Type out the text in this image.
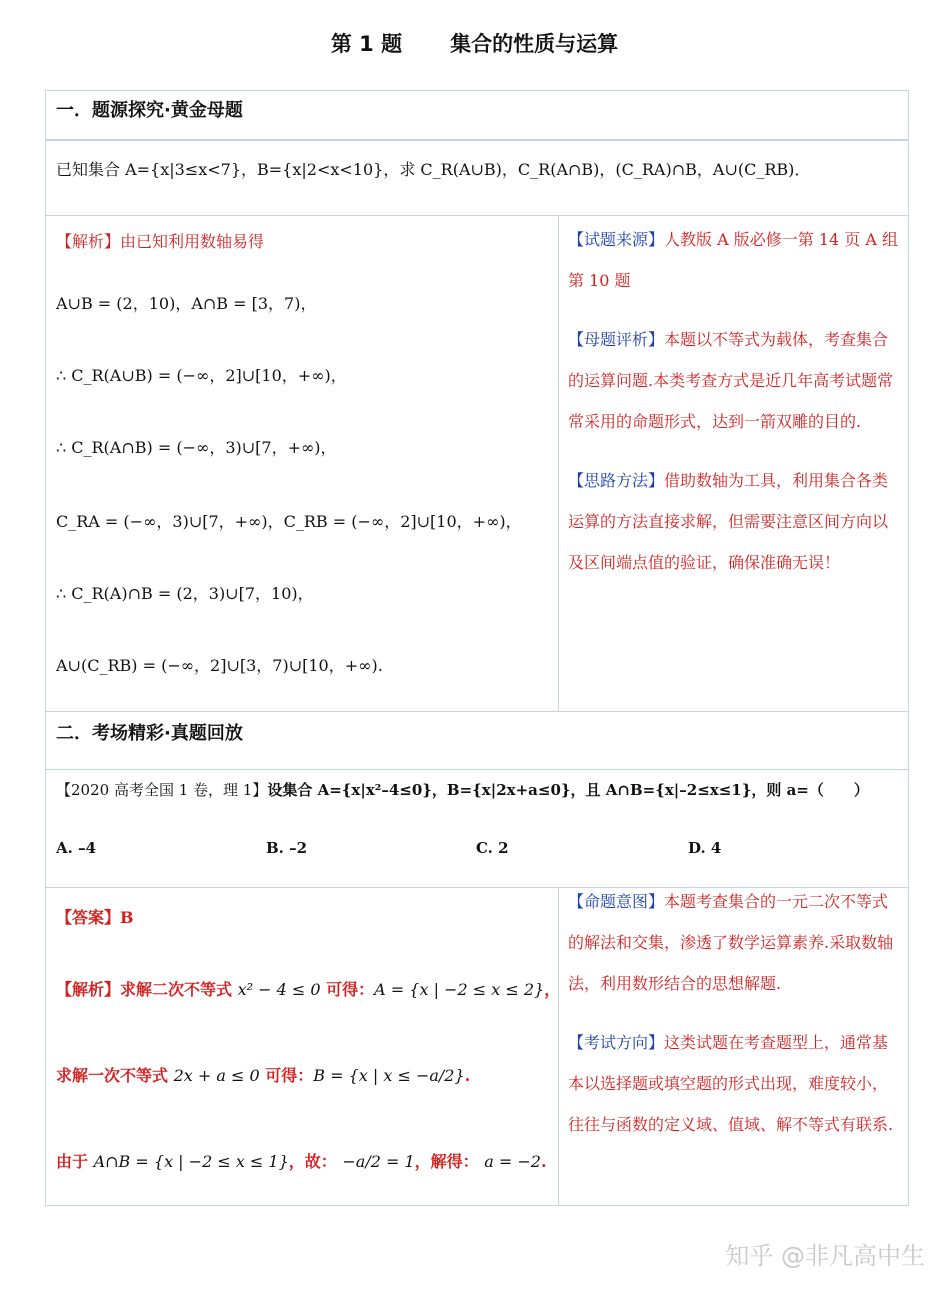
第 1 题 集合的性质与运算
一．题源探究·黄金母题
已知集合 A={x|3≤x<7}，B={x|2<x<10}，求 C_R(A∪B)，C_R(A∩B)，(C_RA)∩B，A∪(C_RB)．
【解析】由已知利用数轴易得
A∪B = (2，10)，A∩B = [3，7)，
∴ C_R(A∪B) = (−∞，2]∪[10，+∞)，
∴ C_R(A∩B) = (−∞，3)∪[7，+∞)，
C_RA = (−∞，3)∪[7，+∞)，C_RB = (−∞，2]∪[10，+∞)，
∴ C_R(A)∩B = (2，3)∪[7，10)，
A∪(C_RB) = (−∞，2]∪[3，7)∪[10，+∞).

【试题来源】人教版 A 版必修一第 14 页 A 组第 10 题

【母题评析】本题以不等式为载体，考查集合的运算问题.本类考查方式是近几年高考试题常常采用的命题形式，达到一箭双雕的目的.

【思路方法】借助数轴为工具，利用集合各类运算的方法直接求解，但需要注意区间方向以及区间端点值的验证，确保准确无误！

二．考场精彩·真题回放
【2020 高考全国 1 卷，理 1】设集合 A={x|x²–4≤0}，B={x|2x+a≤0}，且 A∩B={x|–2≤x≤1}，则 a=（　　）
A. –4	B. –2	C. 2	D. 4
【答案】B
【解析】求解二次不等式 x² − 4 ≤ 0 可得：A = {x | −2 ≤ x ≤ 2}，
求解一次不等式 2x + a ≤ 0 可得：B = {x | x ≤ −a/2}.
由于 A∩B = {x | −2 ≤ x ≤ 1}，故： −a/2 = 1，解得： a = −2.

【命题意图】本题考查集合的一元二次不等式的解法和交集，渗透了数学运算素养.采取数轴法，利用数形结合的思想解题.

【考试方向】这类试题在考查题型上，通常基本以选择题或填空题的形式出现，难度较小，往往与函数的定义域、值域、解不等式有联系.

知乎 @非凡高中生
